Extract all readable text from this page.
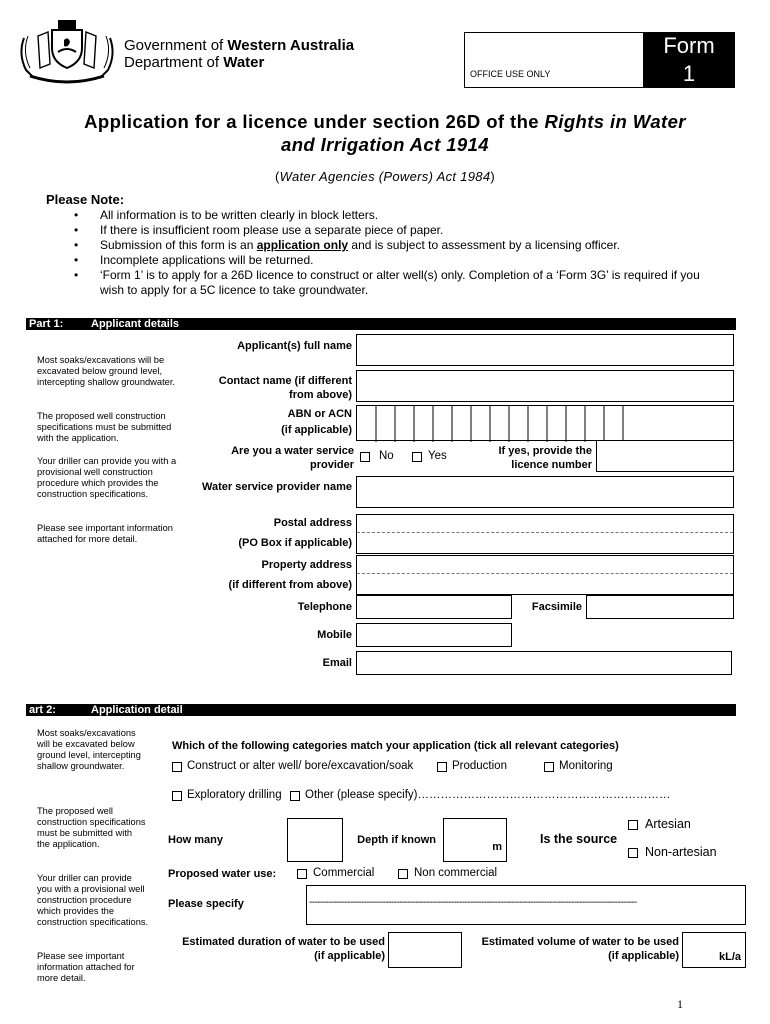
Government of Western Australia
Department of Water
OFFICE USE ONLY
Form
1
Application for a licence under section 26D of the Rights in Water
and Irrigation Act 1914
(Water Agencies (Powers) Act 1984)
Please Note:
• All information is to be written clearly in block letters.
• If there is insufficient room please use a separate piece of paper.
• Submission of this form is an application only and is subject to assessment by a licensing officer.
• Incomplete applications will be returned.
• ‘Form 1’ is to apply for a 26D licence to construct or alter well(s) only. Completion of a ‘Form 3G’ is required if you wish to apply for a 5C licence to take groundwater.
Part 1:	Applicant details
Most soaks/excavations will be excavated below ground level, intercepting shallow groundwater.
The proposed well construction specifications must be submitted with the application.
Your driller can provide you with a provisional well construction procedure which provides the construction specifications.
Please see important information attached for more detail.
Applicant(s) full name
Contact name (if different from above)
ABN or ACN
(if applicable)
Are you a water service provider
No	Yes	If yes, provide the licence number
Water service provider name
Postal address
(PO Box if applicable)
Property address
(if different from above)
Telephone	Facsimile
Mobile
Email
art 2:	Application detail
Most soaks/excavations will be excavated below ground level, intercepting shallow groundwater.
The proposed well construction specifications must be submitted with the application.
Your driller can provide you with a provisional well construction procedure which provides the construction specifications.
Please see important information attached for more detail.
Which of the following categories match your application (tick all relevant categories)
Construct or alter well/ bore/excavation/soak	Production	Monitoring
Exploratory drilling Other (please specify)…………………………………………………………
How many	Depth if known
m
Is the source
Artesian
Non-artesian
Proposed water use:	Commercial	Non commercial
Please specify	------------------------------------------------------------------------------------------------------------------------
Estimated duration of water to be used
(if applicable)
Estimated volume of water to be used
(if applicable)	kL/a
1
